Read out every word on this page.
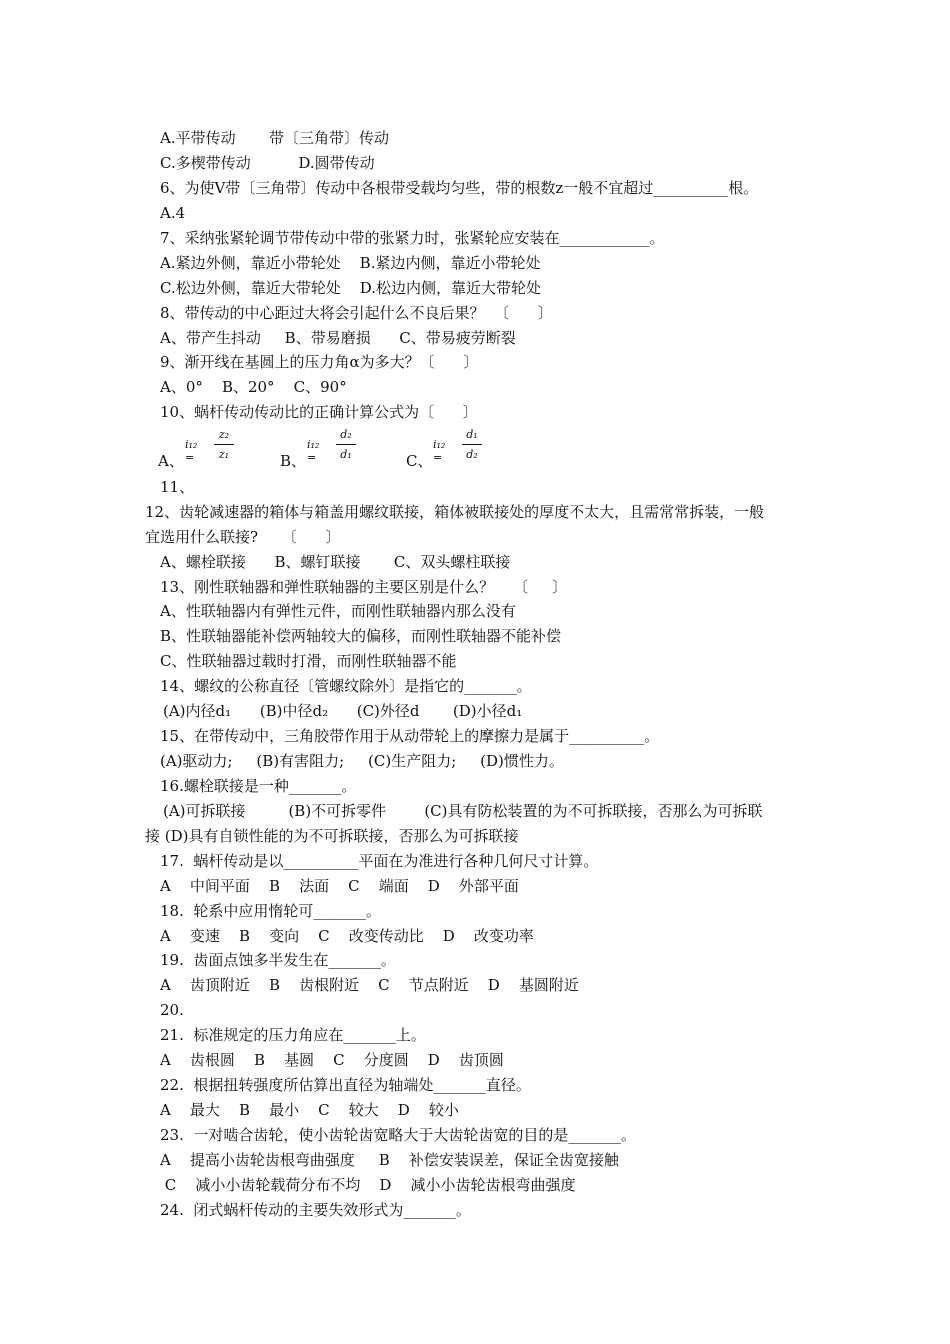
A.平带传动       带〔三角带〕传动
C.多楔带传动          D.圆带传动
6、为使V带〔三角带〕传动中各根带受载均匀些，带的根数z一般不宜超过__________根。
A.4
7、采纳张紧轮调节带传动中带的张紧力时，张紧轮应安装在____________。
A.紧边外侧，靠近小带轮处    B.紧边内侧，靠近小带轮处
C.松边外侧，靠近大带轮处    D.松边内侧，靠近大带轮处
8、带传动的中心距过大将会引起什么不良后果？  〔      〕
A、带产生抖动     B、带易磨损      C、带易疲劳断裂
9、渐开线在基圆上的压力角α为多大？〔      〕
A、0°    B、20°    C、90°
10、蜗杆传动传动比的正确计算公式为〔      〕
A、
i₁₂ =
z₂
z₁	B、
i₁₂ =
d₂
d₁	C、
i₁₂ =
d₁
d₂
11、
12、齿轮减速器的箱体与箱盖用螺纹联接，箱体被联接处的厚度不太大，且需常常拆装，一般
宜选用什么联接?     〔      〕
A、螺栓联接      B、螺钉联接       C、双头螺柱联接
13、刚性联轴器和弹性联轴器的主要区别是什么？    〔     〕
A、性联轴器内有弹性元件，而刚性联轴器内那么没有
B、性联轴器能补偿两轴较大的偏移，而刚性联轴器不能补偿
C、性联轴器过载时打滑，而刚性联轴器不能
14、螺纹的公称直径〔管螺纹除外〕是指它的_______。
(A)内径d₁      (B)中径d₂      (C)外径d       (D)小径d₁
15、在带传动中，三角胶带作用于从动带轮上的摩擦力是属于__________。
(A)驱动力;     (B)有害阻力;     (C)生产阻力;     (D)惯性力。
16.螺栓联接是一种_______。
(A)可拆联接         (B)不可拆零件        (C)具有防松装置的为不可拆联接，否那么为可拆联
接 (D)具有自锁性能的为不可拆联接，否那么为可拆联接
17.  蜗杆传动是以__________平面在为准进行各种几何尺寸计算。
A    中间平面    B    法面    C    端面    D    外部平面
18.  轮系中应用惰轮可_______。
A    变速    B    变向    C    改变传动比    D    改变功率
19.  齿面点蚀多半发生在_______。
A    齿顶附近    B    齿根附近    C    节点附近    D    基圆附近
20.
21.  标准规定的压力角应在_______上。
A    齿根圆    B    基圆    C    分度圆    D    齿顶圆
22.  根据扭转强度所估算出直径为轴端处_______直径。
A    最大    B    最小    C    较大    D    较小
23.  一对啮合齿轮，使小齿轮齿宽略大于大齿轮齿宽的目的是_______。
A    提高小齿轮齿根弯曲强度     B    补偿安装误差，保证全齿宽接触
C    减小小齿轮载荷分布不均    D    减小小齿轮齿根弯曲强度
24.  闭式蜗杆传动的主要失效形式为_______。
